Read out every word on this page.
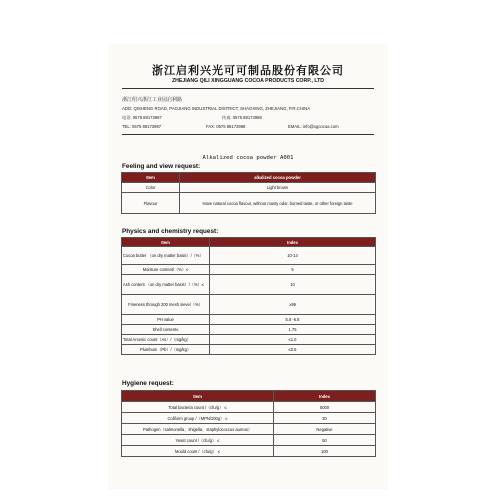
浙江启利兴光可可制品股份有限公司
ZHEJIANG QILI XINGGUANG COCOA PRODUCTS CORP., LTD
浙江绍兴浙江工业园启利路
ADD: QISHENG ROAD, PAOJIANG INDUSTRIAL DISTRICT, SHAOXING, ZHEJIANG, P.R.CHINA
电话: 0575 88173987	传真: 0575 88173988
TEL: 0575 88173987	FAX: 0575 88173988	EMAIL: info@xgcocoa.com
Alkalized cocoa powder A001
Feeling and view request:
Item	alkalized cocoa powder
Color	Light brown
Flavour	Have natural cocoa flavour, without musty odor, burned taste, or other foreign taste
Physics and chemistry request:
Item	Index
Cocoa butter （on dry matter basis）/（%）	10-14
Moisture content/（%）≤	5
Ash content （on dry matter basis）/（%）≤	10
Fineness through 200 mesh sieve/（%）	≥99
PH value	5.8 -6.8
Shell content≤	1.75
Total Arsenic count（As）/（mg/kg）	≤1.0
Plumbum（Pb）/（mg/kg）	≤0.5
Hygiene request:
Item	Index
Total bacteria count /（cfu/g） ≤	5000
Coliform group /（MPN/100g） ≤	30
Pathogen（salmonella、shigella、staphylococcus aureus）	Negative
Yeast count /（cfu/g） ≤	50
Mould count /（cfu/g） ≤	100
